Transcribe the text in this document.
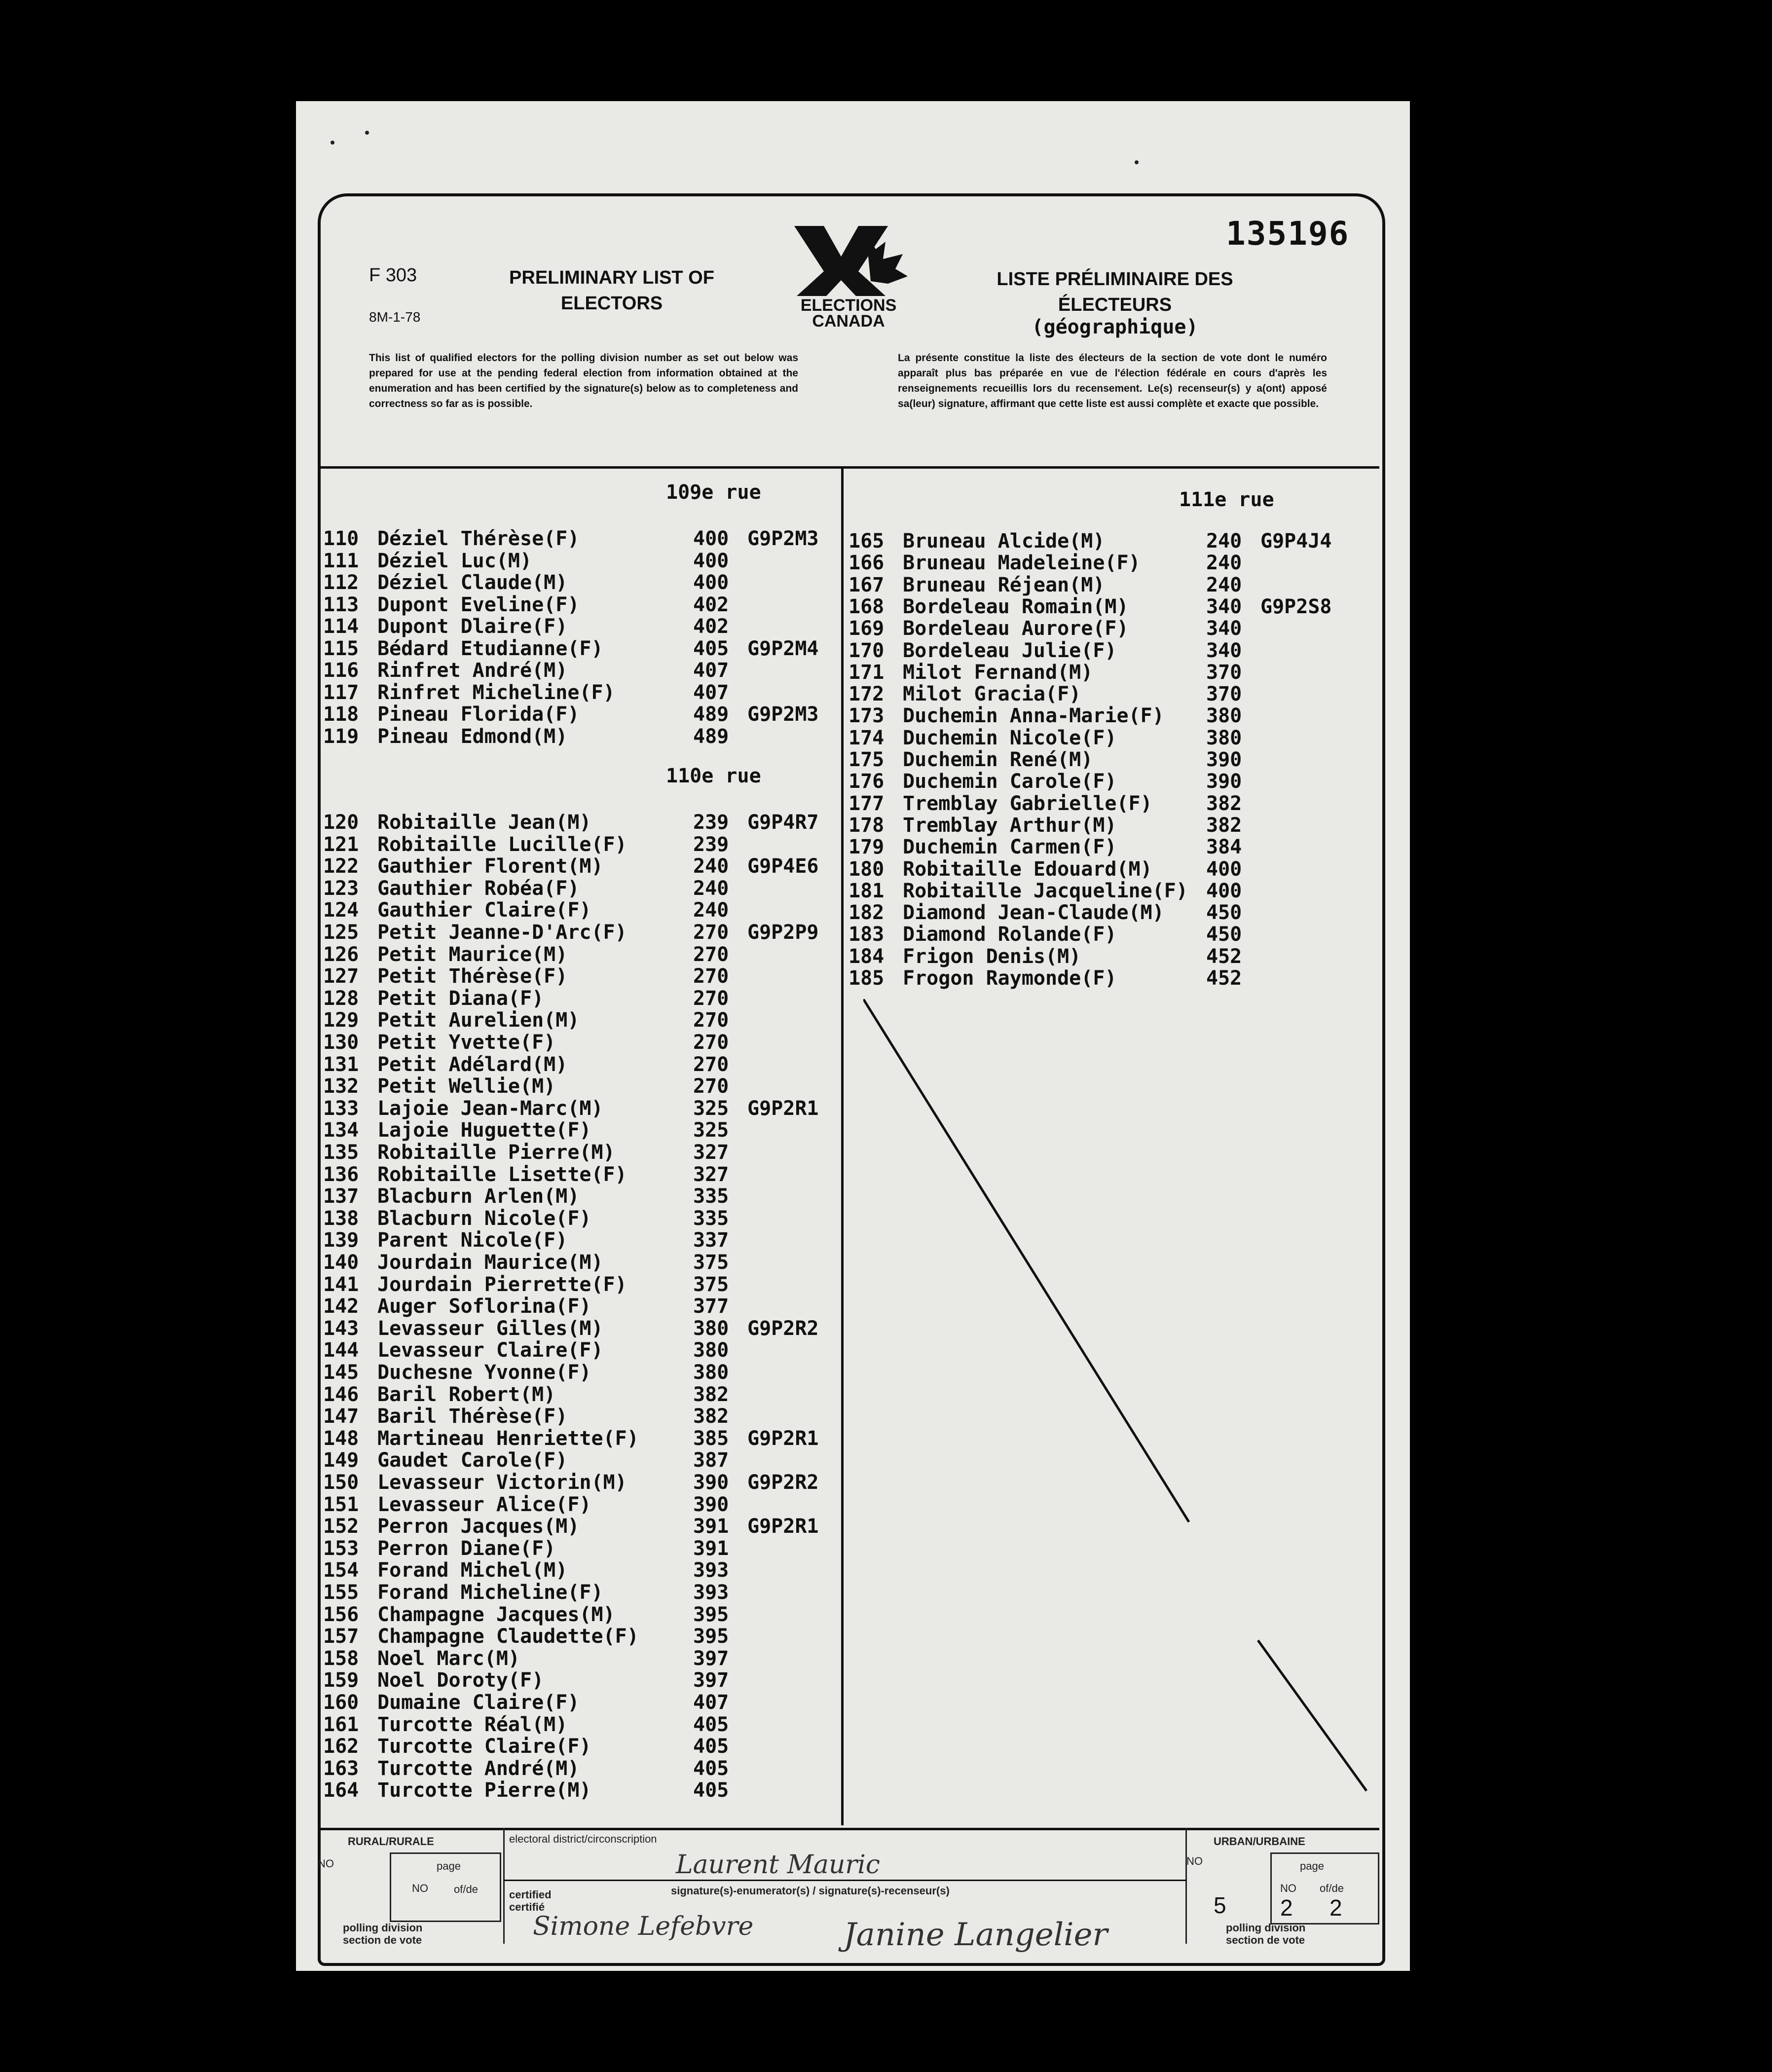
135196
F 303
8M-1-78
PRELIMINARY LIST OF ELECTORS
LISTE PRÉLIMINAIRE DES ÉLECTEURS
(géographique)
ELECTIONS
CANADA
This list of qualified electors for the polling division number as set out below was prepared for use at the pending federal election from information obtained at the enumeration and has been certified by the signature(s) below as to completeness and correctness so far as is possible.
La présente constitue la liste des électeurs de la section de vote dont le numéro apparaît plus bas préparée en vue de l'élection fédérale en cours d'après les renseignements recueillis lors du recensement. Le(s) recenseur(s) y a(ont) apposé sa(leur) signature, affirmant que cette liste est aussi complète et exacte que possible.
109e rue
110 Déziel Thérèse(F)	400 G9P2M3
111 Déziel Luc(M)	400
112 Déziel Claude(M)	400
113 Dupont Eveline(F)	402
114 Dupont Dlaire(F)	402
115 Bédard Etudianne(F)	405 G9P2M4
116 Rinfret André(M)	407
117 Rinfret Micheline(F)	407
118 Pineau Florida(F)	489 G9P2M3
119 Pineau Edmond(M)	489
110e rue
120 Robitaille Jean(M)	239 G9P4R7
121 Robitaille Lucille(F)	239
122 Gauthier Florent(M)	240 G9P4E6
123 Gauthier Robéa(F)	240
124 Gauthier Claire(F)	240
125 Petit Jeanne-D'Arc(F)	270 G9P2P9
126 Petit Maurice(M)	270
127 Petit Thérèse(F)	270
128 Petit Diana(F)	270
129 Petit Aurelien(M)	270
130 Petit Yvette(F)	270
131 Petit Adélard(M)	270
132 Petit Wellie(M)	270
133 Lajoie Jean-Marc(M)	325 G9P2R1
134 Lajoie Huguette(F)	325
135 Robitaille Pierre(M)	327
136 Robitaille Lisette(F)	327
137 Blacburn Arlen(M)	335
138 Blacburn Nicole(F)	335
139 Parent Nicole(F)	337
140 Jourdain Maurice(M)	375
141 Jourdain Pierrette(F)	375
142 Auger Soflorina(F)	377
143 Levasseur Gilles(M)	380 G9P2R2
144 Levasseur Claire(F)	380
145 Duchesne Yvonne(F)	380
146 Baril Robert(M)	382
147 Baril Thérèse(F)	382
148 Martineau Henriette(F)	385 G9P2R1
149 Gaudet Carole(F)	387
150 Levasseur Victorin(M)	390 G9P2R2
151 Levasseur Alice(F)	390
152 Perron Jacques(M)	391 G9P2R1
153 Perron Diane(F)	391
154 Forand Michel(M)	393
155 Forand Micheline(F)	393
156 Champagne Jacques(M)	395
157 Champagne Claudette(F)	395
158 Noel Marc(M)	397
159 Noel Doroty(F)	397
160 Dumaine Claire(F)	407
161 Turcotte Réal(M)	405
162 Turcotte Claire(F)	405
163 Turcotte André(M)	405
164 Turcotte Pierre(M)	405
111e rue
165 Bruneau Alcide(M)	240 G9P4J4
166 Bruneau Madeleine(F)	240
167 Bruneau Réjean(M)	240
168 Bordeleau Romain(M)	340 G9P2S8
169 Bordeleau Aurore(F)	340
170 Bordeleau Julie(F)	340
171 Milot Fernand(M)	370
172 Milot Gracia(F)	370
173 Duchemin Anna-Marie(F) 380
174 Duchemin Nicole(F)	380
175 Duchemin René(M)	390
176 Duchemin Carole(F)	390
177 Tremblay Gabrielle(F)	382
178 Tremblay Arthur(M)	382
179 Duchemin Carmen(F)	384
180 Robitaille Edouard(M)	400
181 Robitaille Jacqueline(F) 400
182 Diamond Jean-Claude(M) 450
183 Diamond Rolande(F)	450
184 Frigon Denis(M)	452
185 Frogon Raymonde(F)	452
RURAL/RURALE
NO	page
NO of/de
polling division
section de vote
electoral district/circonscription
Laurent Mauric
certified
certifié
signature(s)-enumerator(s) / signature(s)-recenseur(s)
Simone Lefebvre	Janine Langelier
URBAN/URBAINE
NO	page
NO of/de
5 2 2
polling division
section de vote
